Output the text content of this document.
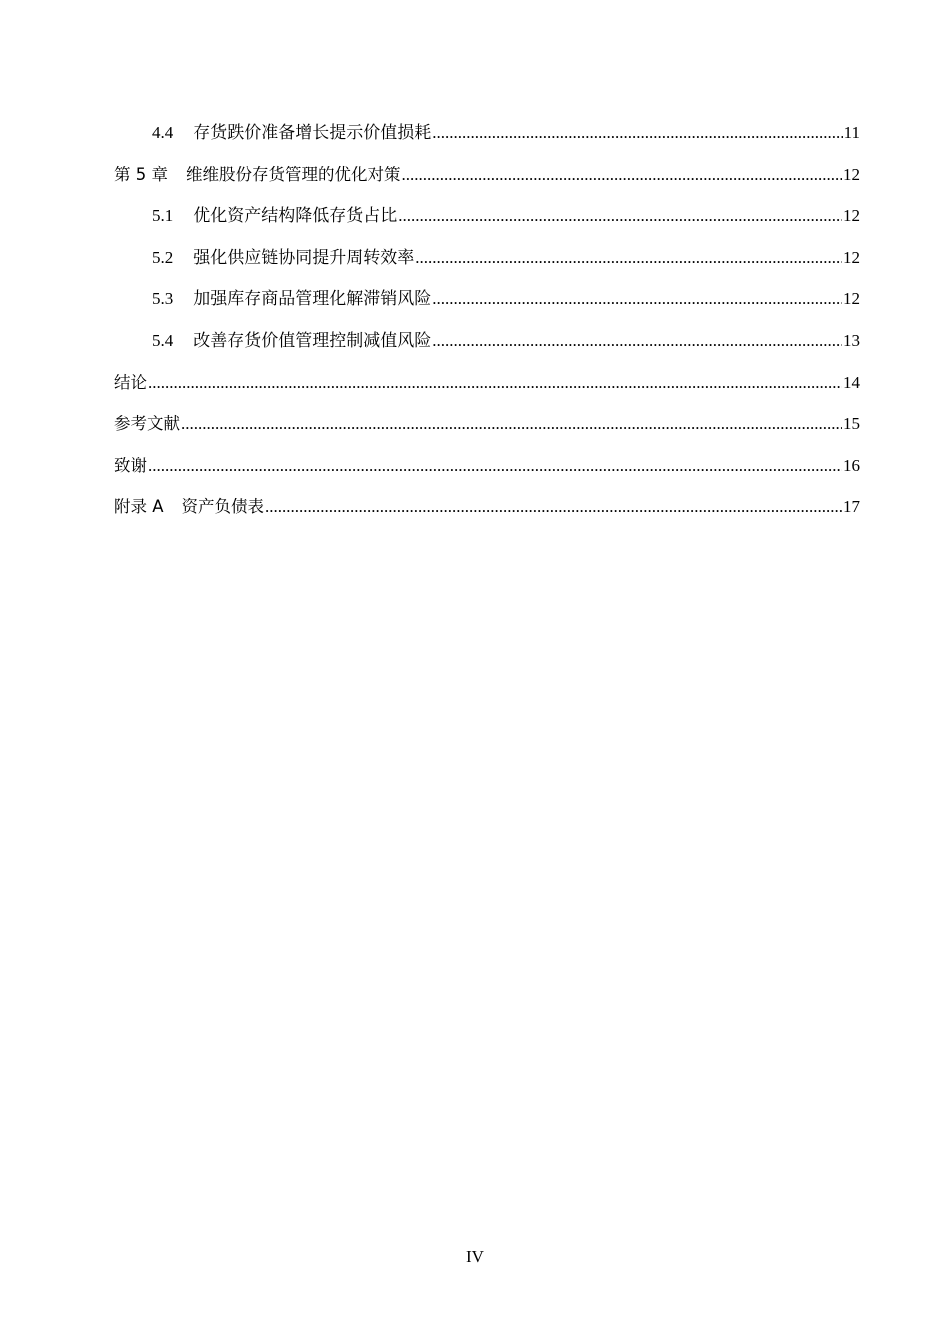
4.4 存货跌价准备增长提示价值损耗 .....	11
第 5 章 维维股份存货管理的优化对策 .....	12
5.1 优化资产结构降低存货占比 .....	12
5.2 强化供应链协同提升周转效率 .....	12
5.3 加强库存商品管理化解滞销风险 .....	12
5.4 改善存货价值管理控制减值风险 .....	13
结论 .....	14
参考文献 .....	15
致谢 .....	16
附录 A 资产负债表 .....	17
IV
